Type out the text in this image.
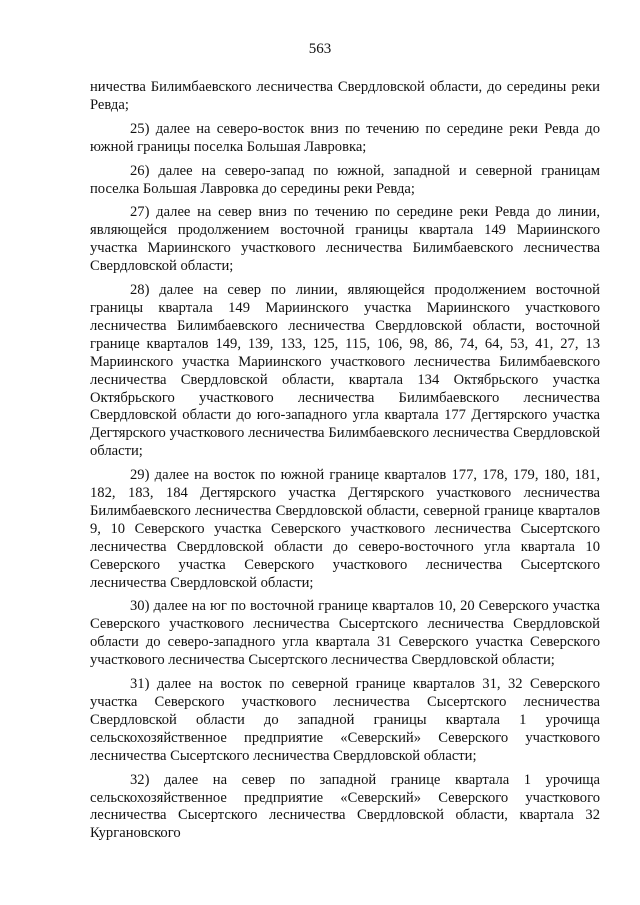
563

ничества Билимбаевского лесничества Свердловской области, до середины реки Ревда;

25) далее на северо-восток вниз по течению по середине реки Ревда до южной границы поселка Большая Лавровка;

26) далее на северо-запад по южной, западной и северной границам поселка Большая Лавровка до середины реки Ревда;

27) далее на север вниз по течению по середине реки Ревда до линии, являющейся продолжением восточной границы квартала 149 Мариинского участка Мариинского участкового лесничества Билимбаевского лесничества Свердловской области;

28) далее на север по линии, являющейся продолжением восточной границы квартала 149 Мариинского участка Мариинского участкового лесничества Билимбаевского лесничества Свердловской области, восточной границе кварталов 149, 139, 133, 125, 115, 106, 98, 86, 74, 64, 53, 41, 27, 13 Мариинского участка Мариинского участкового лесничества Билимбаевского лесничества Свердловской области, квартала 134 Октябрьского участка Октябрьского участкового лесничества Билимбаевского лесничества Свердловской области до юго-западного угла квартала 177 Дегтярского участка Дегтярского участкового лесничества Билимбаевского лесничества Свердловской области;

29) далее на восток по южной границе кварталов 177, 178, 179, 180, 181, 182, 183, 184 Дегтярского участка Дегтярского участкового лесничества Билимбаевского лесничества Свердловской области, северной границе кварталов 9, 10 Северского участка Северского участкового лесничества Сысертского лесничества Свердловской области до северо-восточного угла квартала 10 Северского участка Северского участкового лесничества Сысертского лесничества Свердловской области;

30) далее на юг по восточной границе кварталов 10, 20 Северского участка Северского участкового лесничества Сысертского лесничества Свердловской области до северо-западного угла квартала 31 Северского участка Северского участкового лесничества Сысертского лесничества Свердловской области;

31) далее на восток по северной границе кварталов 31, 32 Северского участка Северского участкового лесничества Сысертского лесничества Свердловской области до западной границы квартала 1 урочища сельскохозяйственное предприятие «Северский» Северского участкового лесничества Сысертского лесничества Свердловской области;

32) далее на север по западной границе квартала 1 урочища сельскохозяйственное предприятие «Северский» Северского участкового лесничества Сысертского лесничества Свердловской области, квартала 32 Кургановского
